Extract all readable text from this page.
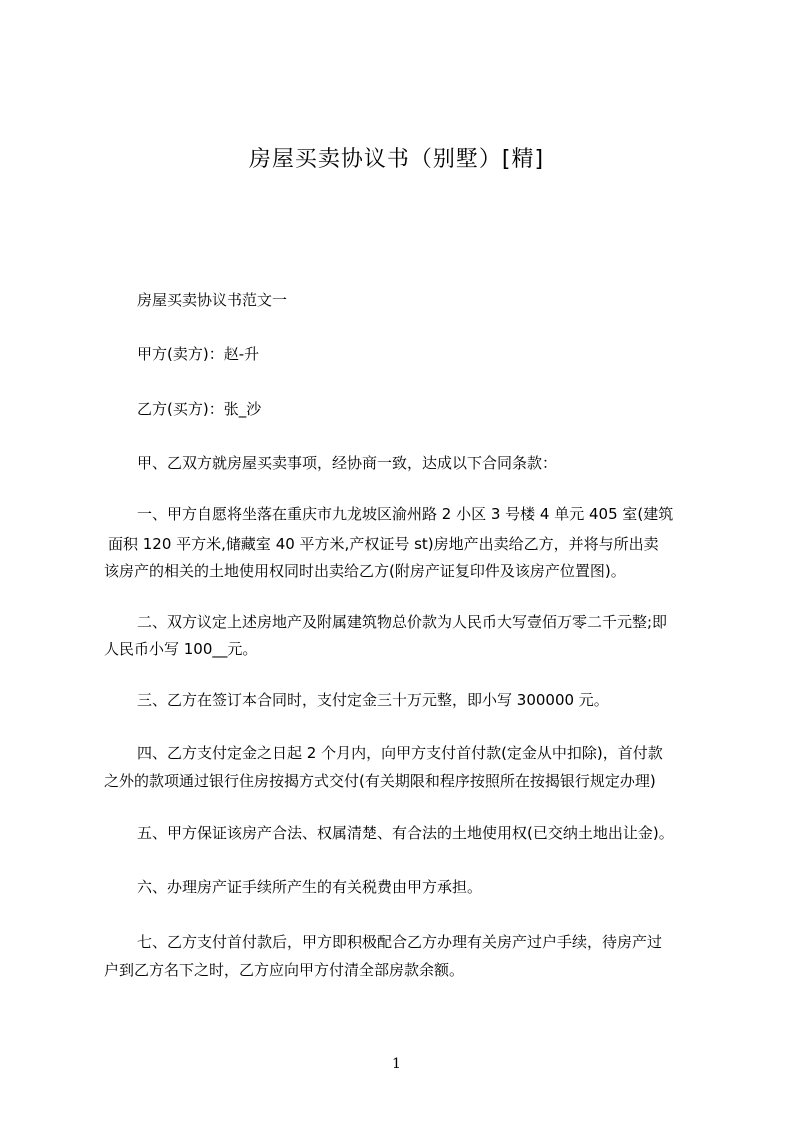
房屋买卖协议书（别墅）[精]
房屋买卖协议书范文一
甲方(卖方)：赵-升
乙方(买方)：张_沙
甲、乙双方就房屋买卖事项，经协商一致，达成以下合同条款：
一、甲方自愿将坐落在重庆市九龙坡区渝州路 2 小区 3 号楼 4 单元 405 室(建筑
面积 120 平方米,储藏室 40 平方米,产权证号 st)房地产出卖给乙方，并将与所出卖
该房产的相关的土地使用权同时出卖给乙方(附房产证复印件及该房产位置图)。
二、双方议定上述房地产及附属建筑物总价款为人民币大写壹佰万零二千元整;即
人民币小写 100__元。
三、乙方在签订本合同时，支付定金三十万元整，即小写 300000 元。
四、乙方支付定金之日起 2 个月内，向甲方支付首付款(定金从中扣除)，首付款
之外的款项通过银行住房按揭方式交付(有关期限和程序按照所在按揭银行规定办理)
五、甲方保证该房产合法、权属清楚、有合法的土地使用权(已交纳土地出让金)。
六、办理房产证手续所产生的有关税费由甲方承担。
七、乙方支付首付款后，甲方即积极配合乙方办理有关房产过户手续，待房产过
户到乙方名下之时，乙方应向甲方付清全部房款余额。
1
